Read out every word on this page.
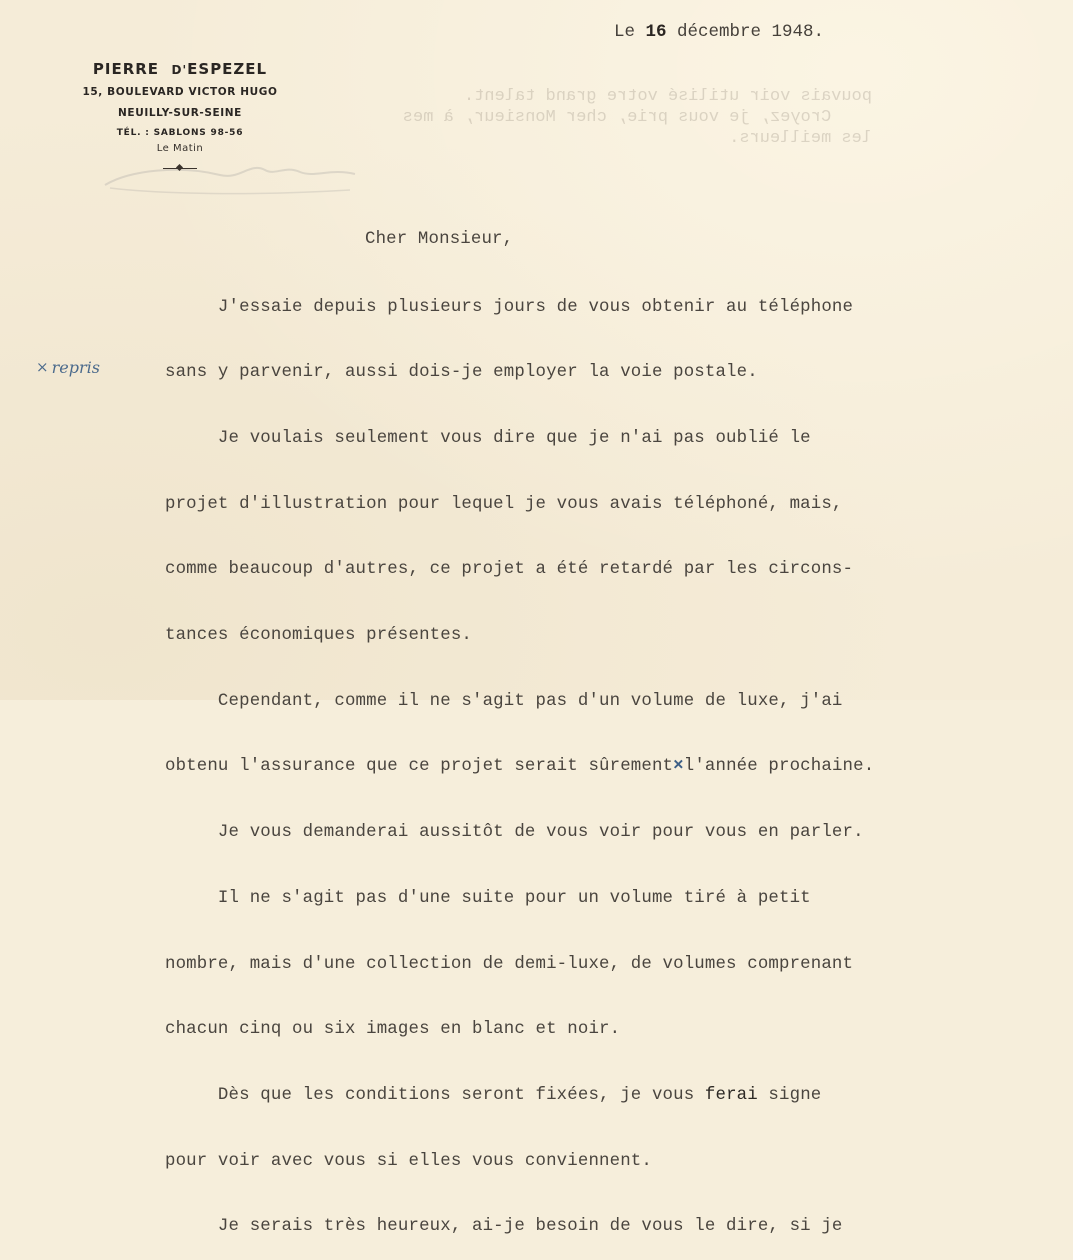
pouvais voir utilisé votre grand talent.
Croyez, je vous prie, cher Monsieur, à mes
les meilleurs.
PIERRE D'ESPEZEL
15, BOULEVARD VICTOR HUGO
NEUILLY-SUR-SEINE
TÉL. : SABLONS 98-56
Le Matin
Le 16 décembre 1948.
× repris

Cher Monsieur,

J'essaie depuis plusieurs jours de vous obtenir au téléphone

sans y parvenir, aussi dois-je employer la voie postale.

Je voulais seulement vous dire que je n'ai pas oublié le

projet d'illustration pour lequel je vous avais téléphoné, mais,

comme beaucoup d'autres, ce projet a été retardé par les circons-

tances économiques présentes.

Cependant, comme il ne s'agit pas d'un volume de luxe, j'ai

obtenu l'assurance que ce projet serait sûrement×l'année prochaine.

Je vous demanderai aussitôt de vous voir pour vous en parler.

Il ne s'agit pas d'une suite pour un volume tiré à petit

nombre, mais d'une collection de demi-luxe, de volumes comprenant

chacun cinq ou six images en blanc et noir.

Dès que les conditions seront fixées, je vous ferai signe

pour voir avec vous si elles vous conviennent.

Je serais très heureux, ai-je besoin de vous le dire, si je
